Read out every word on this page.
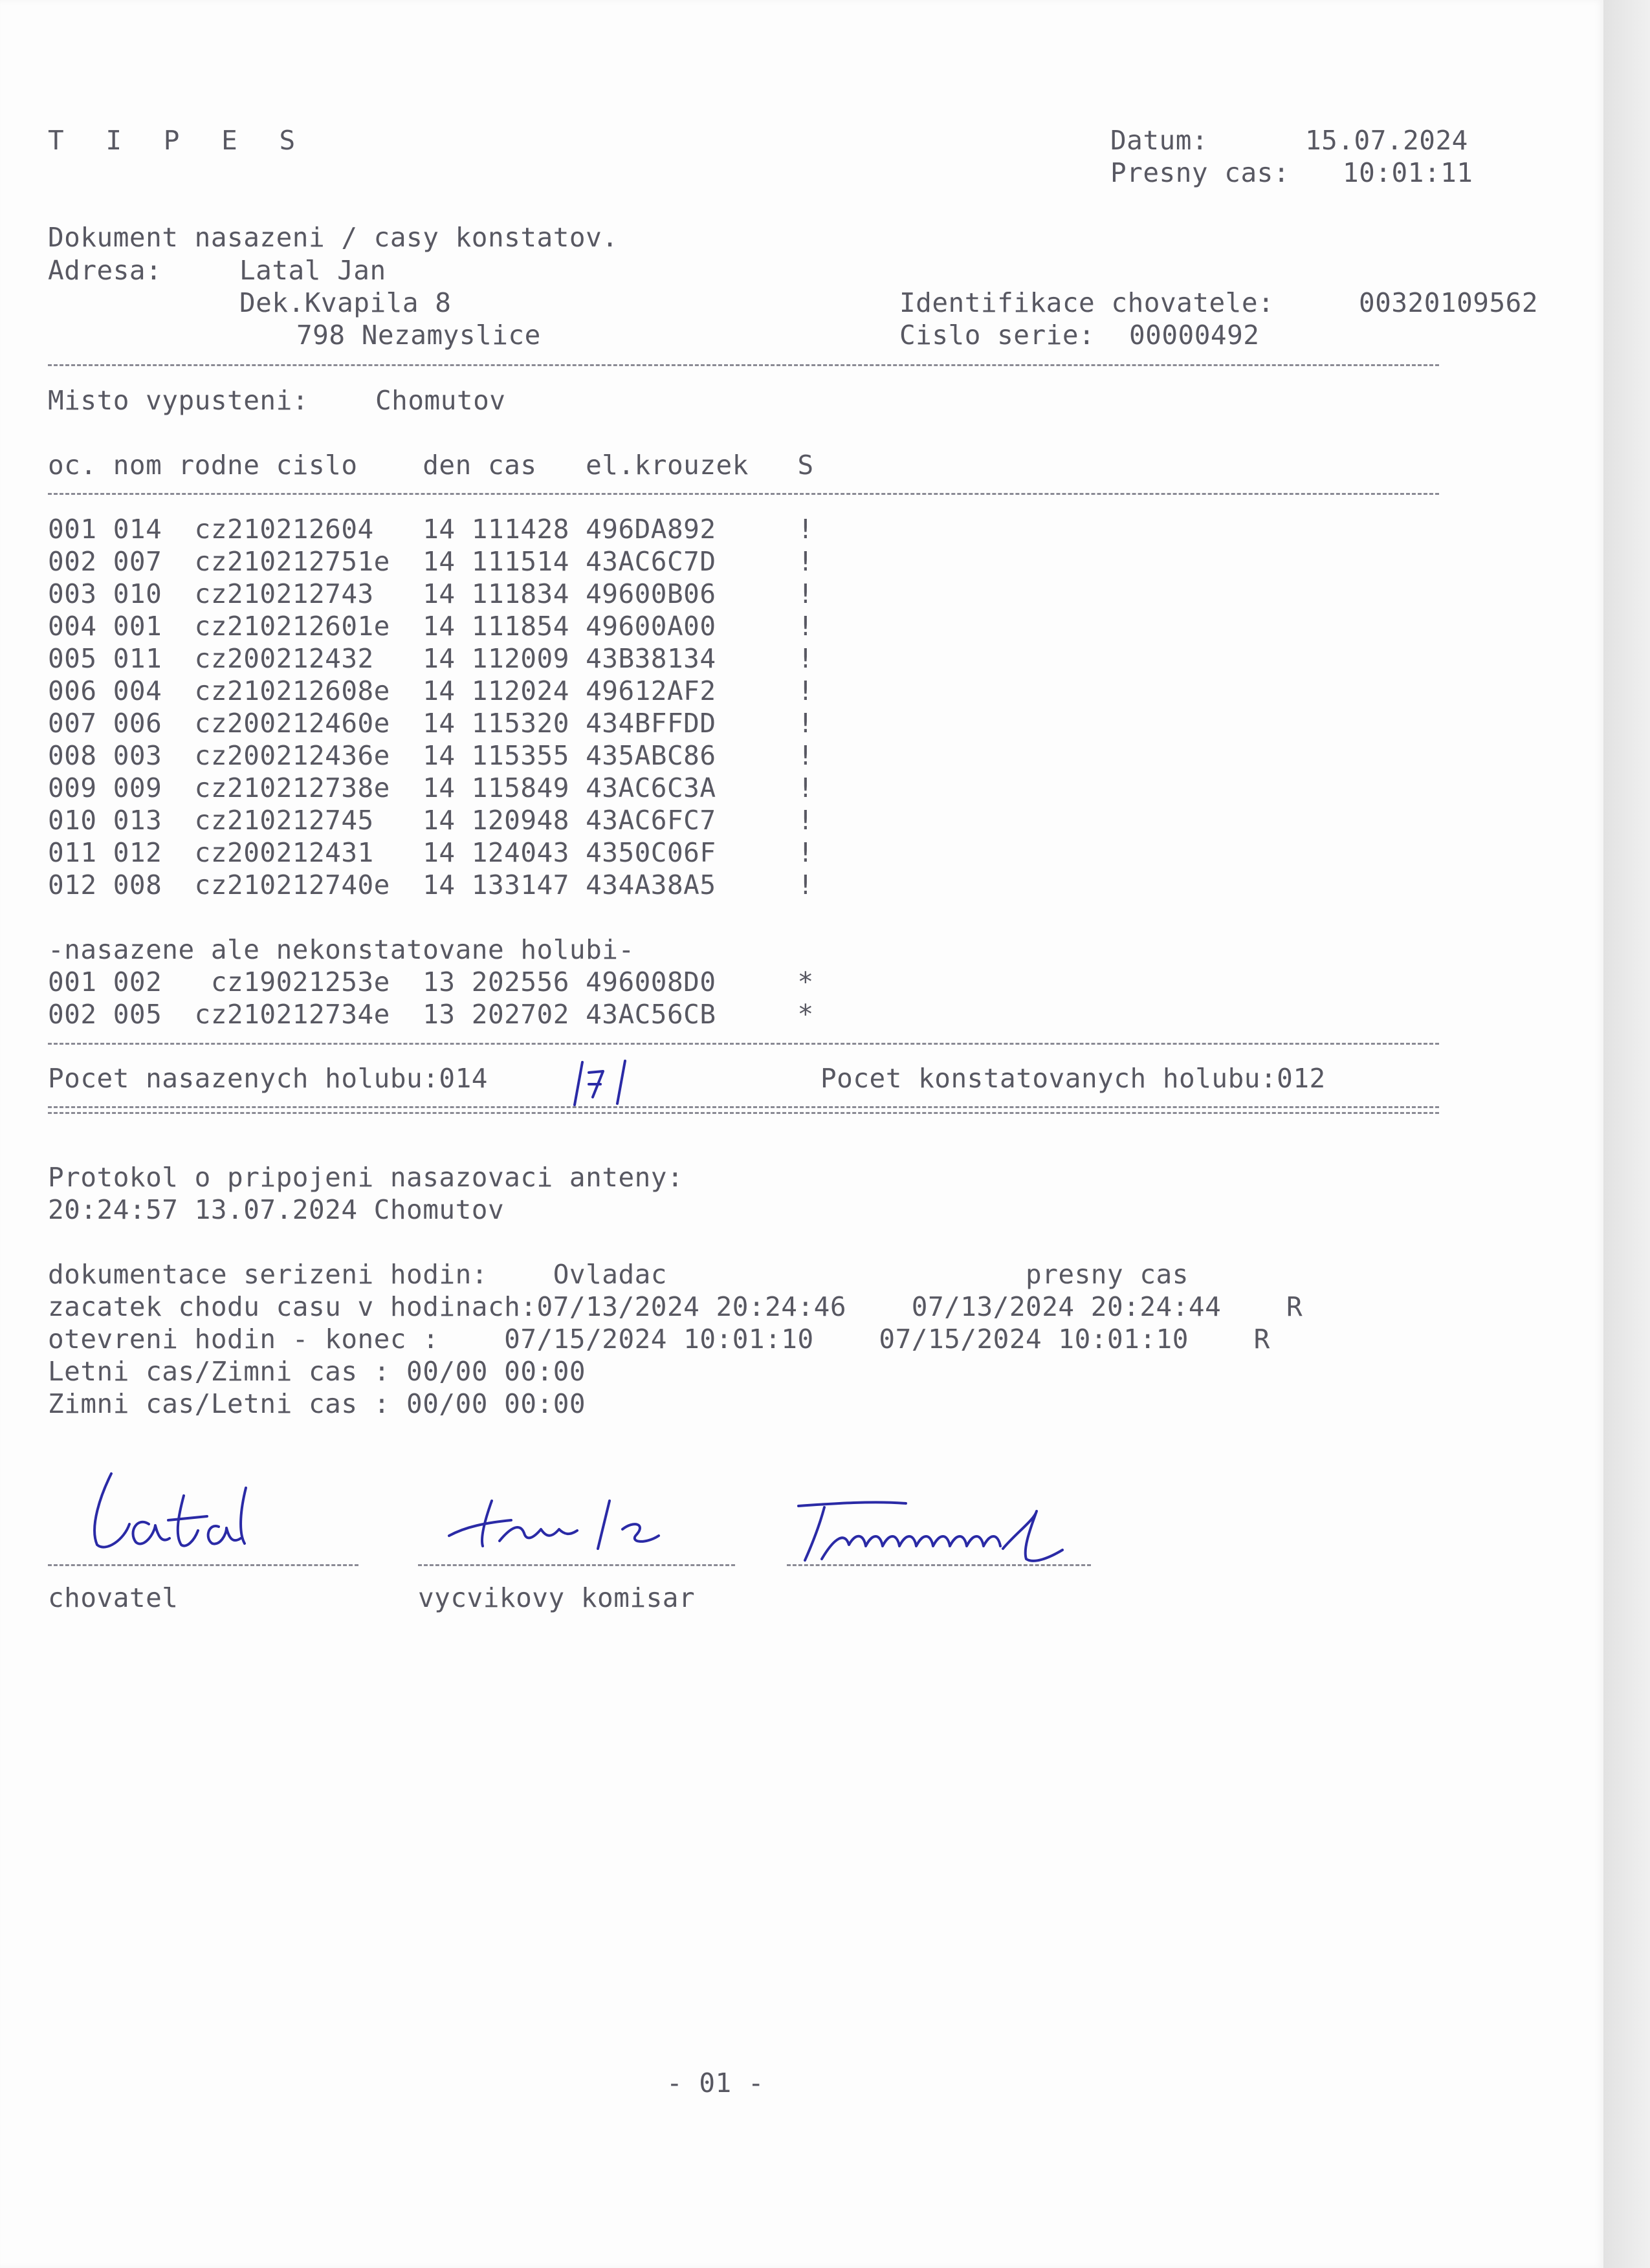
T I P E S	Datum:	15.07.2024
Presny cas: 10:01:11
Dokument nasazeni / casy konstatov.
Adresa:	Latal Jan
Dek.Kvapila 8
798 Nezamyslice
Identifikace chovatele:	00320109562
Cislo serie: 00000492
Misto vypusteni:	Chomutov
oc. nom rodne cislo    den cas   el.krouzek   S
001 014  cz210212604   14 111428 496DA892     !
002 007  cz210212751e  14 111514 43AC6C7D     !
003 010  cz210212743   14 111834 49600B06     !
004 001  cz210212601e  14 111854 49600A00     !
005 011  cz200212432   14 112009 43B38134     !
006 004  cz210212608e  14 112024 49612AF2     !
007 006  cz200212460e  14 115320 434BFFDD     !
008 003  cz200212436e  14 115355 435ABC86     !
009 009  cz210212738e  14 115849 43AC6C3A     !
010 013  cz210212745   14 120948 43AC6FC7     !
011 012  cz200212431   14 124043 4350C06F     !
012 008  cz210212740e  14 133147 434A38A5     !
-nasazene ale nekonstatovane holubi-
001 002   cz19021253e  13 202556 496008D0     *
002 005  cz210212734e  13 202702 43AC56CB     *
Pocet nasazenych holubu:014	Pocet konstatovanych holubu:012
Protokol o pripojeni nasazovaci anteny:
20:24:57 13.07.2024 Chomutov
dokumentace serizeni hodin:    Ovladac                      presny cas
zacatek chodu casu v hodinach:07/13/2024 20:24:46    07/13/2024 20:24:44    R
otevreni hodin - konec :    07/15/2024 10:01:10    07/15/2024 10:01:10    R
Letni cas/Zimni cas : 00/00 00:00
Zimni cas/Letni cas : 00/00 00:00
chovatel	vycvikovy komisar
- 01 -
